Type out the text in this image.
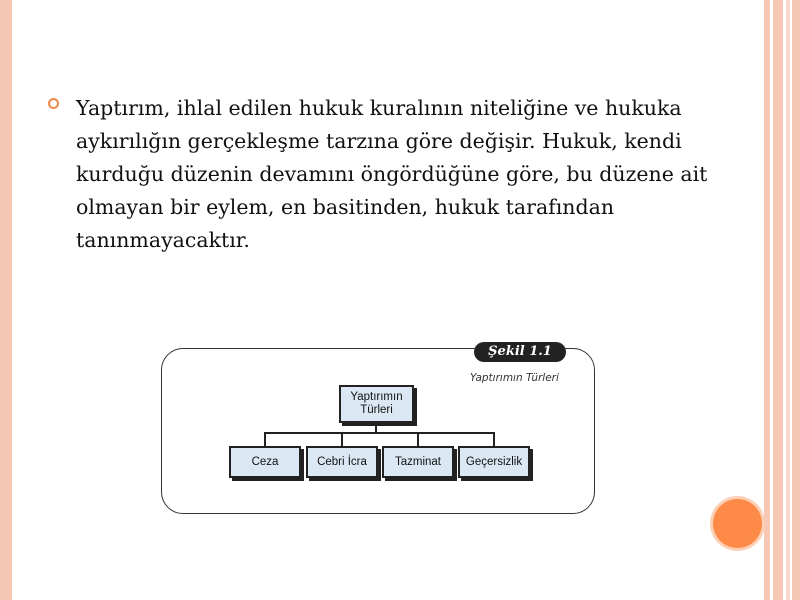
Yaptırım, ihlal edilen hukuk kuralının niteliğine ve hukuka aykırılığın gerçekleşme tarzına göre değişir. Hukuk, kendi kurduğu düzenin devamını öngördüğüne göre, bu düzene ait olmayan bir eylem, en basitinden, hukuk tarafından tanınmayacaktır.

Şekil 1.1
Yaptırımın Türleri
Yaptırımın Türleri
Ceza	Cebri İcra	Tazminat	Geçersizlik
